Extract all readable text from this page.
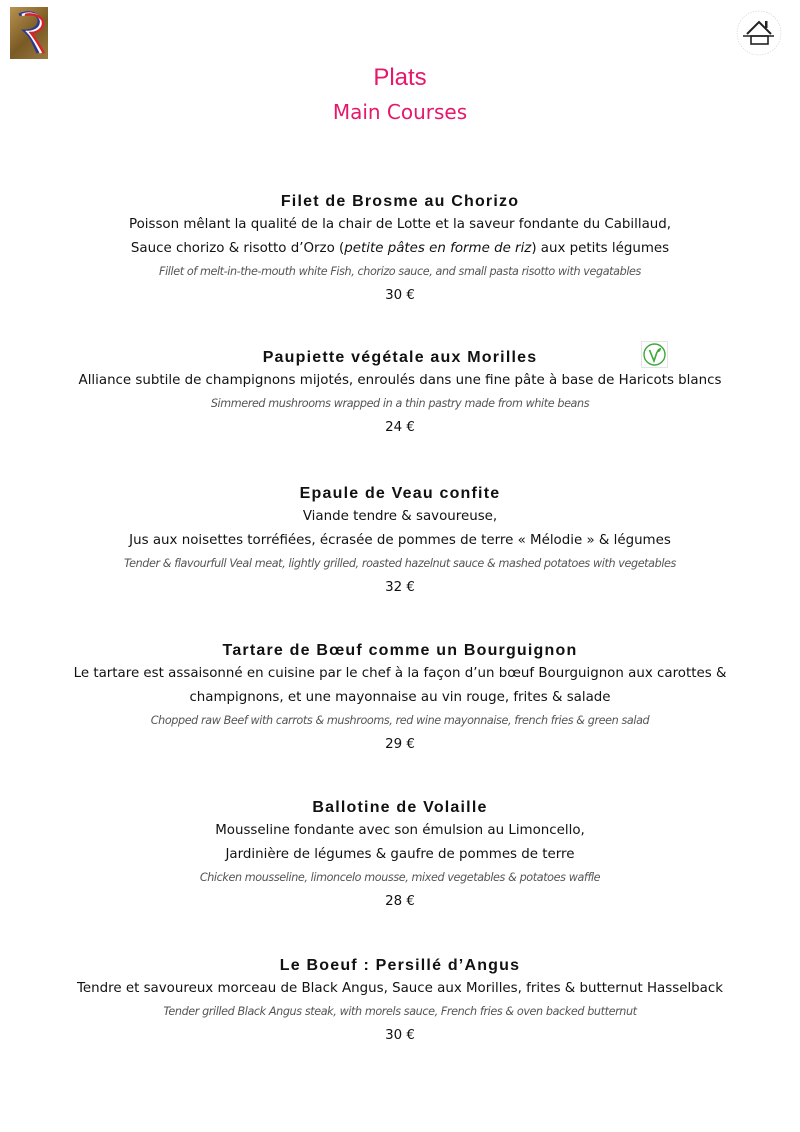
Plats
Main Courses
Filet de Brosme au Chorizo
Poisson mêlant la qualité de la chair de Lotte et la saveur fondante du Cabillaud,
Sauce chorizo & risotto d’Orzo (petite pâtes en forme de riz) aux petits légumes
Fillet of melt-in-the-mouth white Fish, chorizo sauce, and small pasta risotto with vegatables
30 €
Paupiette végétale aux Morilles
Alliance subtile de champignons mijotés, enroulés dans une fine pâte à base de Haricots blancs
Simmered mushrooms wrapped in a thin pastry made from white beans
24 €
Epaule de Veau confite
Viande tendre & savoureuse,
Jus aux noisettes torréfiées, écrasée de pommes de terre « Mélodie » & légumes
Tender & flavourfull Veal meat, lightly grilled, roasted hazelnut sauce & mashed potatoes with vegetables
32 €
Tartare de Bœuf comme un Bourguignon
Le tartare est assaisonné en cuisine par le chef à la façon d’un bœuf Bourguignon aux carottes &
champignons, et une mayonnaise au vin rouge, frites & salade
Chopped raw Beef with carrots & mushrooms, red wine mayonnaise, french fries & green salad
29 €
Ballotine de Volaille
Mousseline fondante avec son émulsion au Limoncello,
Jardinière de légumes & gaufre de pommes de terre
Chicken mousseline, limoncelo mousse, mixed vegetables & potatoes waffle
28 €
Le Boeuf : Persillé d’Angus
Tendre et savoureux morceau de Black Angus, Sauce aux Morilles, frites & butternut Hasselback
Tender grilled Black Angus steak, with morels sauce, French fries & oven backed butternut
30 €
